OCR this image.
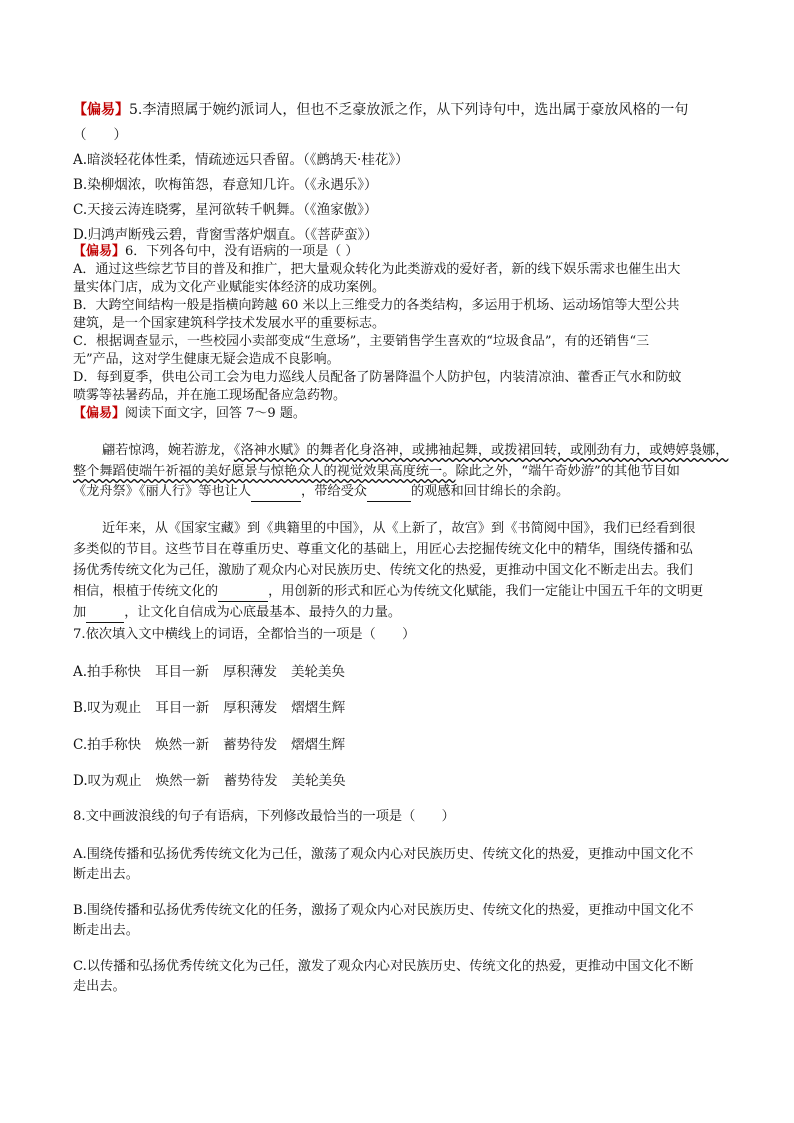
【偏易】5.李清照属于婉约派词人，但也不乏豪放派之作，从下列诗句中，选出属于豪放风格的一句
（　　）
A.暗淡轻花体性柔，情疏迹远只香留。（《鹧鸪天·桂花》）
B.染柳烟浓，吹梅笛怨，春意知几许。（《永遇乐》）
C.天接云涛连晓雾，星河欲转千帆舞。（《渔家傲》）
D.归鸿声断残云碧，背窗雪落炉烟直。（《菩萨蛮》）
【偏易】6．下列各句中，没有语病的一项是（ ）
A．通过这些综艺节目的普及和推广，把大量观众转化为此类游戏的爱好者，新的线下娱乐需求也催生出大
量实体门店，成为文化产业赋能实体经济的成功案例。
B．大跨空间结构一般是指横向跨越 60 米以上三维受力的各类结构，多运用于机场、运动场馆等大型公共
建筑，是一个国家建筑科学技术发展水平的重要标志。
C．根据调查显示，一些校园小卖部变成“生意场”，主要销售学生喜欢的“垃圾食品”，有的还销售“三
无”产品，这对学生健康无疑会造成不良影响。
D．每到夏季，供电公司工会为电力巡线人员配备了防暑降温个人防护包，内装清凉油、藿香正气水和防蚊
喷雾等祛暑药品，并在施工现场配备应急药物。
【偏易】阅读下面文字，回答 7～9 题。
翩若惊鸿，婉若游龙，《洛神水赋》的舞者化身洛神，或拂袖起舞，或拨裙回转，或刚劲有力，或娉婷袅娜，
整个舞蹈使端午祈福的美好愿景与惊艳众人的视觉效果高度统一。除此之外，“端午奇妙游”的其他节目如
《龙舟祭》《丽人行》等也让人	，带给受众	的观感和回甘绵长的余韵。
近年来，从《国家宝藏》到《典籍里的中国》，从《上新了，故宫》到《书简阅中国》，我们已经看到很
多类似的节目。这些节目在尊重历史、尊重文化的基础上，用匠心去挖掘传统文化中的精华，围绕传播和弘
扬优秀传统文化为己任，激励了观众内心对民族历史、传统文化的热爱，更推动中国文化不断走出去。我们
相信，根植于传统文化的	，用创新的形式和匠心为传统文化赋能，我们一定能让中国五千年的文明更
加	，让文化自信成为心底最基本、最持久的力量。
7.依次填入文中横线上的词语，全都恰当的一项是（　　）
A.拍手称快 耳目一新 厚积薄发 美轮美奂
B.叹为观止 耳目一新 厚积薄发 熠熠生辉
C.拍手称快 焕然一新 蓄势待发 熠熠生辉
D.叹为观止 焕然一新 蓄势待发 美轮美奂
8.文中画波浪线的句子有语病，下列修改最恰当的一项是（　　）
A.围绕传播和弘扬优秀传统文化为己任，激荡了观众内心对民族历史、传统文化的热爱，更推动中国文化不
断走出去。
B.围绕传播和弘扬优秀传统文化的任务，激扬了观众内心对民族历史、传统文化的热爱，更推动中国文化不
断走出去。
C.以传播和弘扬优秀传统文化为己任，激发了观众内心对民族历史、传统文化的热爱，更推动中国文化不断
走出去。
